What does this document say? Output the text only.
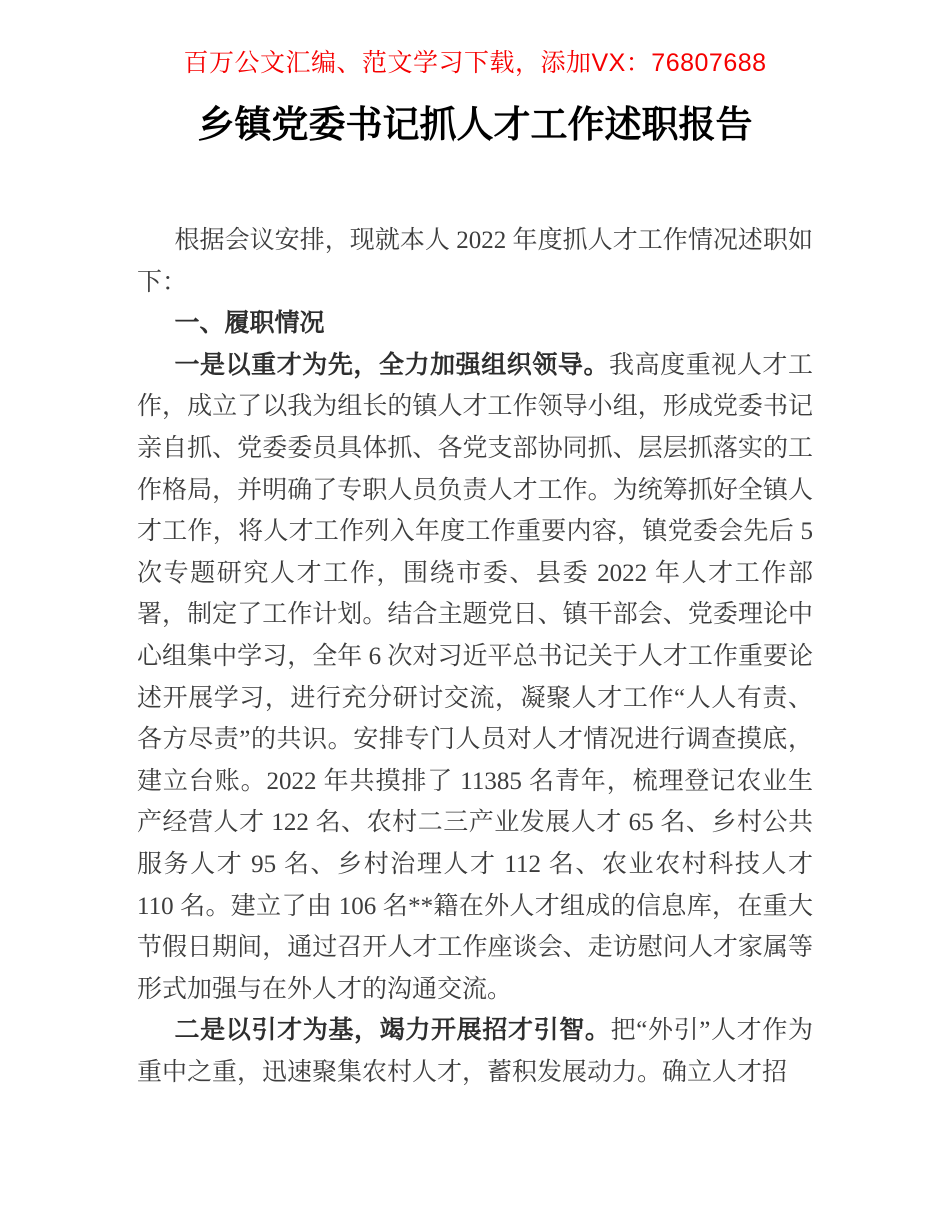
百万公文汇编、范文学习下载，添加VX：76807688

乡镇党委书记抓人才工作述职报告

根据会议安排，现就本人 2022 年度抓人才工作情况述职如下：

一、履职情况

一是以重才为先，全力加强组织领导。我高度重视人才工作，成立了以我为组长的镇人才工作领导小组，形成党委书记亲自抓、党委委员具体抓、各党支部协同抓、层层抓落实的工作格局，并明确了专职人员负责人才工作。为统筹抓好全镇人才工作，将人才工作列入年度工作重要内容，镇党委会先后 5 次专题研究人才工作，围绕市委、县委 2022 年人才工作部署，制定了工作计划。结合主题党日、镇干部会、党委理论中心组集中学习，全年 6 次对习近平总书记关于人才工作重要论述开展学习，进行充分研讨交流，凝聚人才工作“人人有责、各方尽责”的共识。安排专门人员对人才情况进行调查摸底，建立台账。2022 年共摸排了 11385 名青年，梳理登记农业生产经营人才 122 名、农村二三产业发展人才 65 名、乡村公共服务人才 95 名、乡村治理人才 112 名、农业农村科技人才 110 名。建立了由 106 名**籍在外人才组成的信息库，在重大节假日期间，通过召开人才工作座谈会、走访慰问人才家属等形式加强与在外人才的沟通交流。

二是以引才为基，竭力开展招才引智。把“外引”人才作为重中之重，迅速聚集农村人才，蓄积发展动力。确立人才招
